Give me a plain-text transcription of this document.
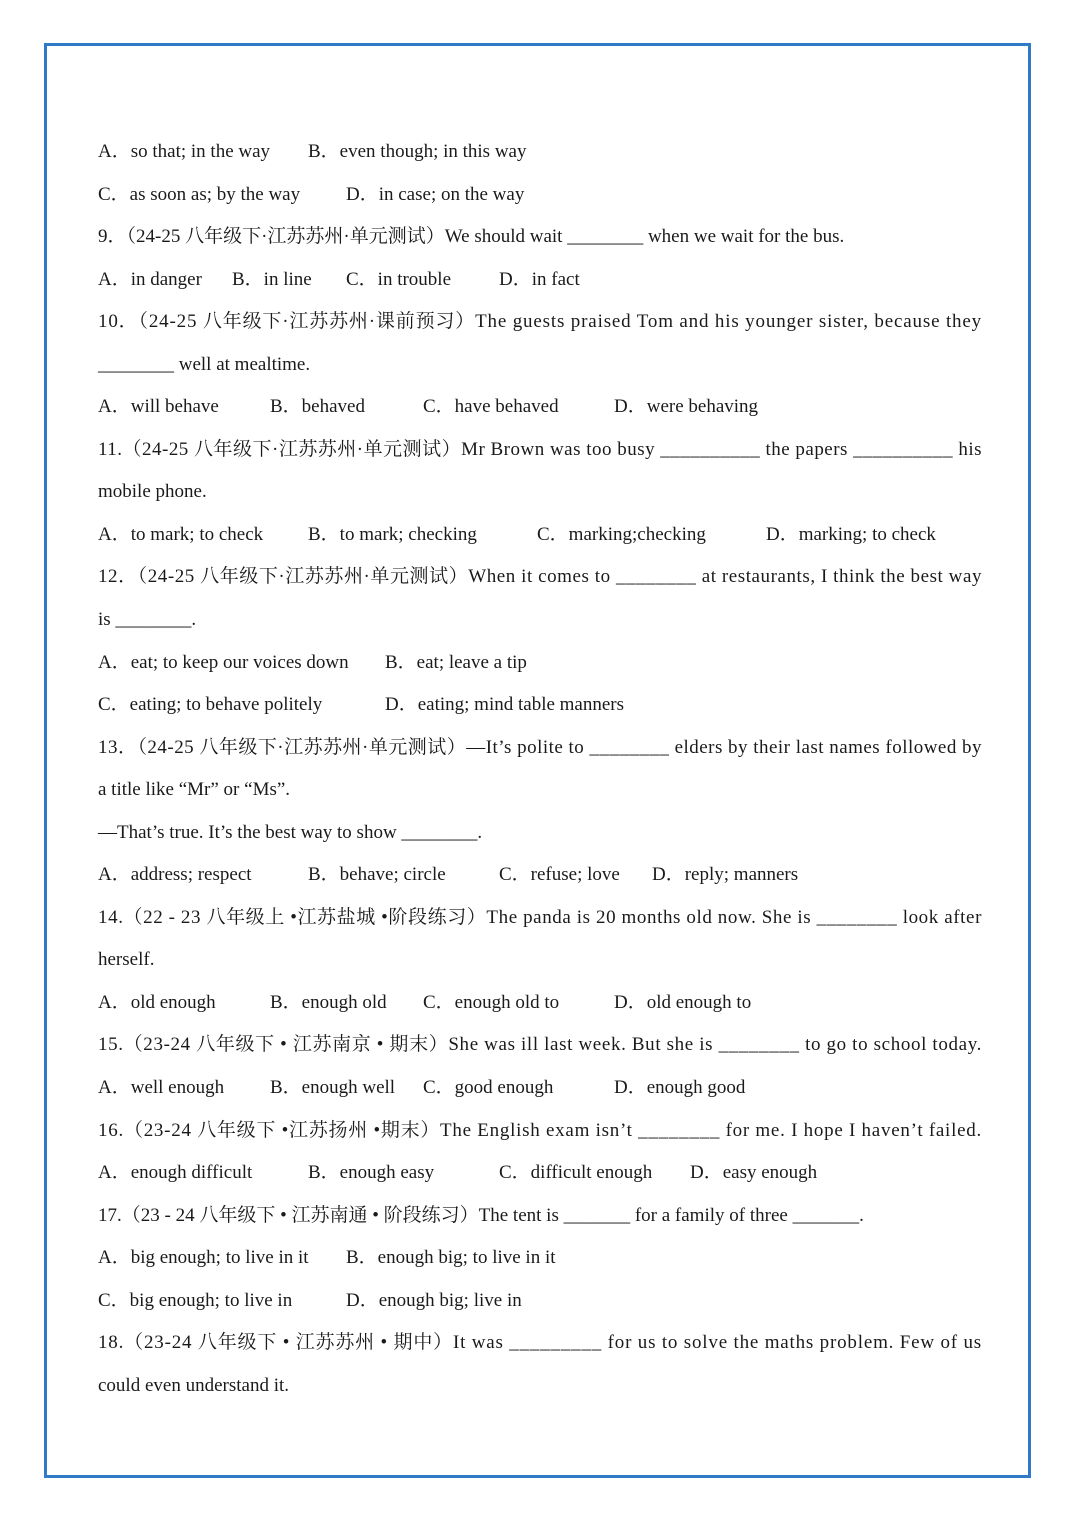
A．so that; in the way	B．even though; in this way
C．as soon as; by the way	D．in case; on the way
9．（24-25 八年级下·江苏苏州·单元测试）We should wait ________ when we wait for the bus.
A．in danger	B．in line	C．in trouble	D．in fact
10．（24-25 八年级下·江苏苏州·课前预习）The guests praised Tom and his younger sister, because they
________ well at mealtime.
A．will behave	B．behaved	C．have behaved	D．were behaving
11.（24-25 八年级下·江苏苏州·单元测试）Mr Brown was too busy __________ the papers __________ his
mobile phone.
A．to mark; to check	B．to mark; checking	C．marking;checking	D．marking; to check
12．（24-25 八年级下·江苏苏州·单元测试）When it comes to ________ at restaurants, I think the best way
is ________.
A．eat; to keep our voices down	B．eat; leave a tip
C．eating; to behave politely	D．eating; mind table manners
13．（24-25 八年级下·江苏苏州·单元测试）—It’s polite to ________ elders by their last names followed by
a title like “Mr” or “Ms”.
—That’s true. It’s the best way to show ________.
A．address; respect	B．behave; circle	C．refuse; love	D．reply; manners
14.（22 - 23 八年级上 •江苏盐城 •阶段练习）The panda is 20 months old now. She is ________ look after
herself.
A．old enough	B．enough old	C．enough old to	D．old enough to
15.（23-24 八年级下 • 江苏南京 • 期末）She was ill last week. But she is ________ to go to school today.
A．well enough	B．enough well	C．good enough	D．enough good
16.（23-24 八年级下 •江苏扬州 •期末）The English exam isn’t ________ for me. I hope I haven’t failed.
A．enough difficult	B．enough easy	C．difficult enough	D．easy enough
17.（23 - 24 八年级下 • 江苏南通 • 阶段练习）The tent is _______ for a family of three _______.
A．big enough; to live in it	B．enough big; to live in it
C．big enough; to live in	D．enough big; live in
18.（23-24 八年级下 • 江苏苏州 • 期中）It was _________ for us to solve the maths problem. Few of us
could even understand it.
